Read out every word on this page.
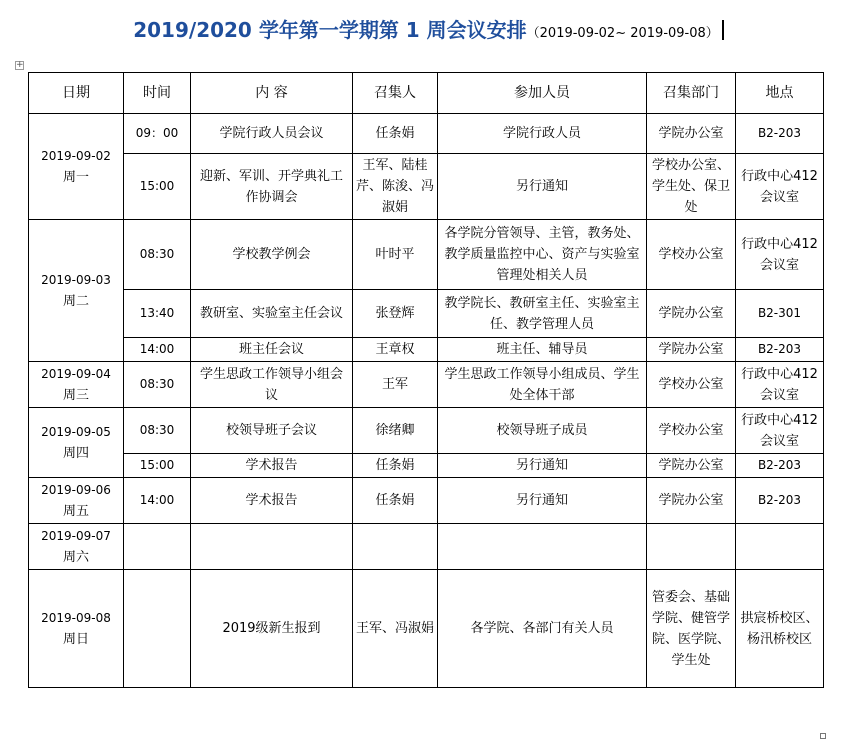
2019/2020 学年第一学期第 1 周会议安排（2019-09-02~ 2019-09-08）
+
日期	时间	内 容	召集人	参加人员	召集部门	地点

2019-09-02
周一	09：00	学院行政人员会议	任条娟	学院行政人员	学院办公室	B2-203
	15:00	迎新、军训、开学典礼工作协调会	王军、陆桂芹、陈浚、冯淑娟	另行通知	学校办公室、学生处、保卫处	行政中心412会议室

2019-09-03
周二	08:30	学校教学例会	叶时平	各学院分管领导、主管，教务处、教学质量监控中心、资产与实验室管理处相关人员	学校办公室	行政中心412会议室
	13:40	教研室、实验室主任会议	张登辉	教学院长、教研室主任、实验室主任、教学管理人员	学院办公室	B2-301
	14:00	班主任会议	王章权	班主任、辅导员	学院办公室	B2-203

2019-09-04
周三	08:30	学生思政工作领导小组会议	王军	学生思政工作领导小组成员、学生处全体干部	学校办公室	行政中心412会议室

2019-09-05
周四	08:30	校领导班子会议	徐绪卿	校领导班子成员	学校办公室	行政中心412会议室
	15:00	学术报告	任条娟	另行通知	学院办公室	B2-203

2019-09-06
周五	14:00	学术报告	任条娟	另行通知	学院办公室	B2-203

2019-09-07
周六						

2019-09-08
周日		2019级新生报到	王军、冯淑娟	各学院、各部门有关人员	管委会、基础学院、健管学院、医学院、学生处	拱宸桥校区、杨汛桥校区
